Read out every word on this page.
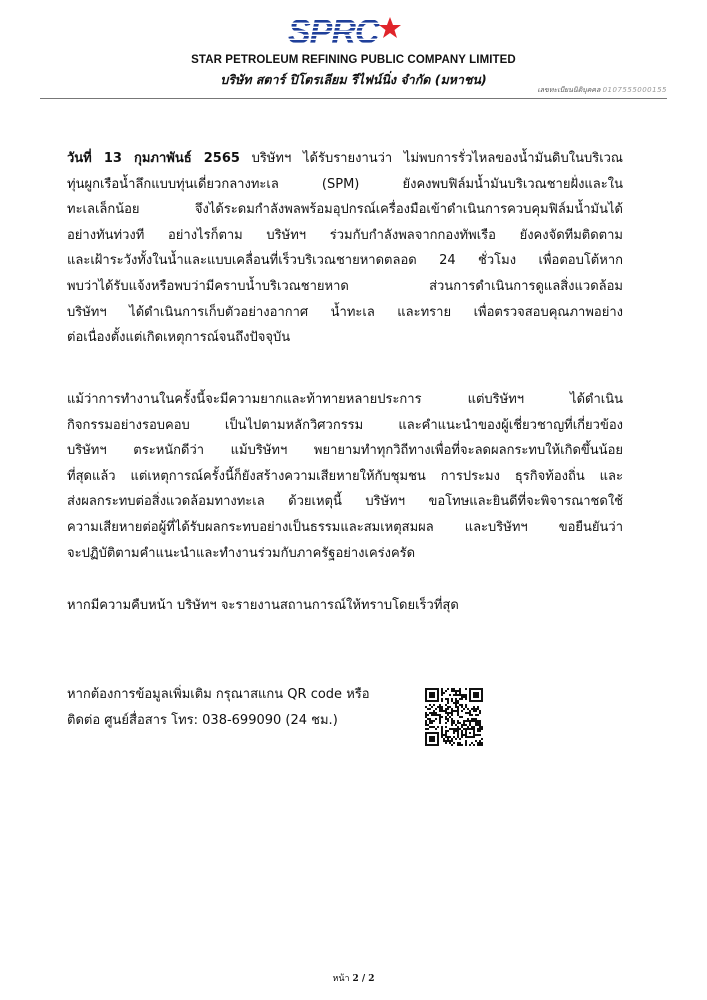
SPRC
STAR PETROLEUM REFINING PUBLIC COMPANY LIMITED
บริษัท สตาร์ ปิโตรเลียม รีไฟน์นิ่ง จำกัด (มหาชน)
เลขทะเบียนนิติบุคคล 0107555000155
วันที่ 13 กุมภาพันธ์ 2565 บริษัทฯ ได้รับรายงานว่า ไม่พบการรั่วไหลของน้ำมันดิบในบริเวณ
ทุ่นผูกเรือน้ำลึกแบบทุ่นเดี่ยวกลางทะเล (SPM) ยังคงพบฟิล์มน้ำมันบริเวณชายฝั่งและใน
ทะเลเล็กน้อย จึงได้ระดมกำลังพลพร้อมอุปกรณ์เครื่องมือเข้าดำเนินการควบคุมฟิล์มน้ำมันได้
อย่างทันท่วงที อย่างไรก็ตาม บริษัทฯ ร่วมกับกำลังพลจากกองทัพเรือ ยังคงจัดทีมติดตาม
และเฝ้าระวังทั้งในน้ำและแบบเคลื่อนที่เร็วบริเวณชายหาดตลอด 24 ชั่วโมง เพื่อตอบโต้หาก
พบว่าได้รับแจ้งหรือพบว่ามีคราบน้ำบริเวณชายหาด ส่วนการดำเนินการดูแลสิ่งแวดล้อม
บริษัทฯ ได้ดำเนินการเก็บตัวอย่างอากาศ น้ำทะเล และทราย เพื่อตรวจสอบคุณภาพอย่าง
ต่อเนื่องตั้งแต่เกิดเหตุการณ์จนถึงปัจจุบัน
แม้ว่าการทำงานในครั้งนี้จะมีความยากและท้าทายหลายประการ แต่บริษัทฯ ได้ดำเนิน
กิจกรรมอย่างรอบคอบ เป็นไปตามหลักวิศวกรรม และคำแนะนำของผู้เชี่ยวชาญที่เกี่ยวข้อง
บริษัทฯ ตระหนักดีว่า แม้บริษัทฯ พยายามทำทุกวิถีทางเพื่อที่จะลดผลกระทบให้เกิดขึ้นน้อย
ที่สุดแล้ว แต่เหตุการณ์ครั้งนี้ก็ยังสร้างความเสียหายให้กับชุมชน การประมง ธุรกิจท้องถิ่น และ
ส่งผลกระทบต่อสิ่งแวดล้อมทางทะเล ด้วยเหตุนี้ บริษัทฯ ขอโทษและยินดีที่จะพิจารณาชดใช้
ความเสียหายต่อผู้ที่ได้รับผลกระทบอย่างเป็นธรรมและสมเหตุสมผล และบริษัทฯ ขอยืนยันว่า
จะปฏิบัติตามคำแนะนำและทำงานร่วมกับภาครัฐอย่างเคร่งครัด
หากมีความคืบหน้า บริษัทฯ จะรายงานสถานการณ์ให้ทราบโดยเร็วที่สุด
หากต้องการข้อมูลเพิ่มเติม กรุณาสแกน QR code หรือ
ติดต่อ ศูนย์สื่อสาร โทร: 038-699090 (24 ชม.)
หน้า 2 / 2
